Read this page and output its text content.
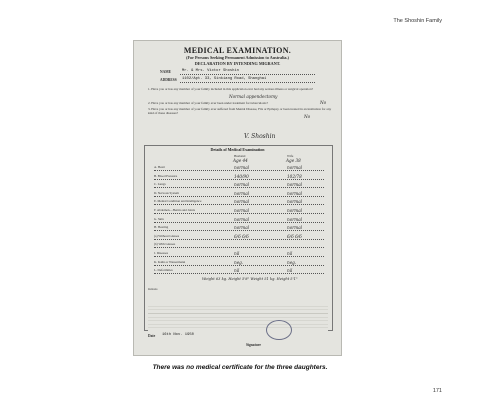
The Shoshin Family
MEDICAL EXAMINATION.
(For Persons Seeking Permanent Admission to Australia.)
DECLARATION BY INTENDING MIGRANT.
NAME	Mr. & Mrs. Victor Shoshin
ADDRESS 1102/Apt. 33, Sinkiang Road, Shanghai
1. Have you or has any member of your family included in this application ever had any serious illness or surgical operation?
Normal appendectomy
2. Have you or has any member of your family ever been under treatment for tuberculosis?	No
3. Have you or has any member of your family ever suffered from Mental Disease, Fits or Epilepsy or been treated in an institution for any kind of these diseases?
No
V. Shoshin
Details of Medical Examination
Husband	Wife
Age 44	Age 38
A. Heart	normal	normal
B. Blood Pressure	140/90	102/78
C. Lungs	normal	normal
D. Nervous System	normal	normal
E. Mental Condition and Intelligence	normal	normal
F. Abdomen—Hernia and Joints	normal	normal
G. Skin	normal	normal
H. Hearing	normal	normal
(a) Without Glasses	6/6 6/6	6/6 6/6
(b) With Glasses
J. Diseases	nil	nil
K. Kahn or Wassermann	neg.	neg.
L. Deformities	nil	nil
Weight 63 kg. Height 5'8" Weight 51 kg. Height 5'1"
Remarks
Date 16th Nov. 1950
Signature
There was no medical certificate for the three daughters.
171
